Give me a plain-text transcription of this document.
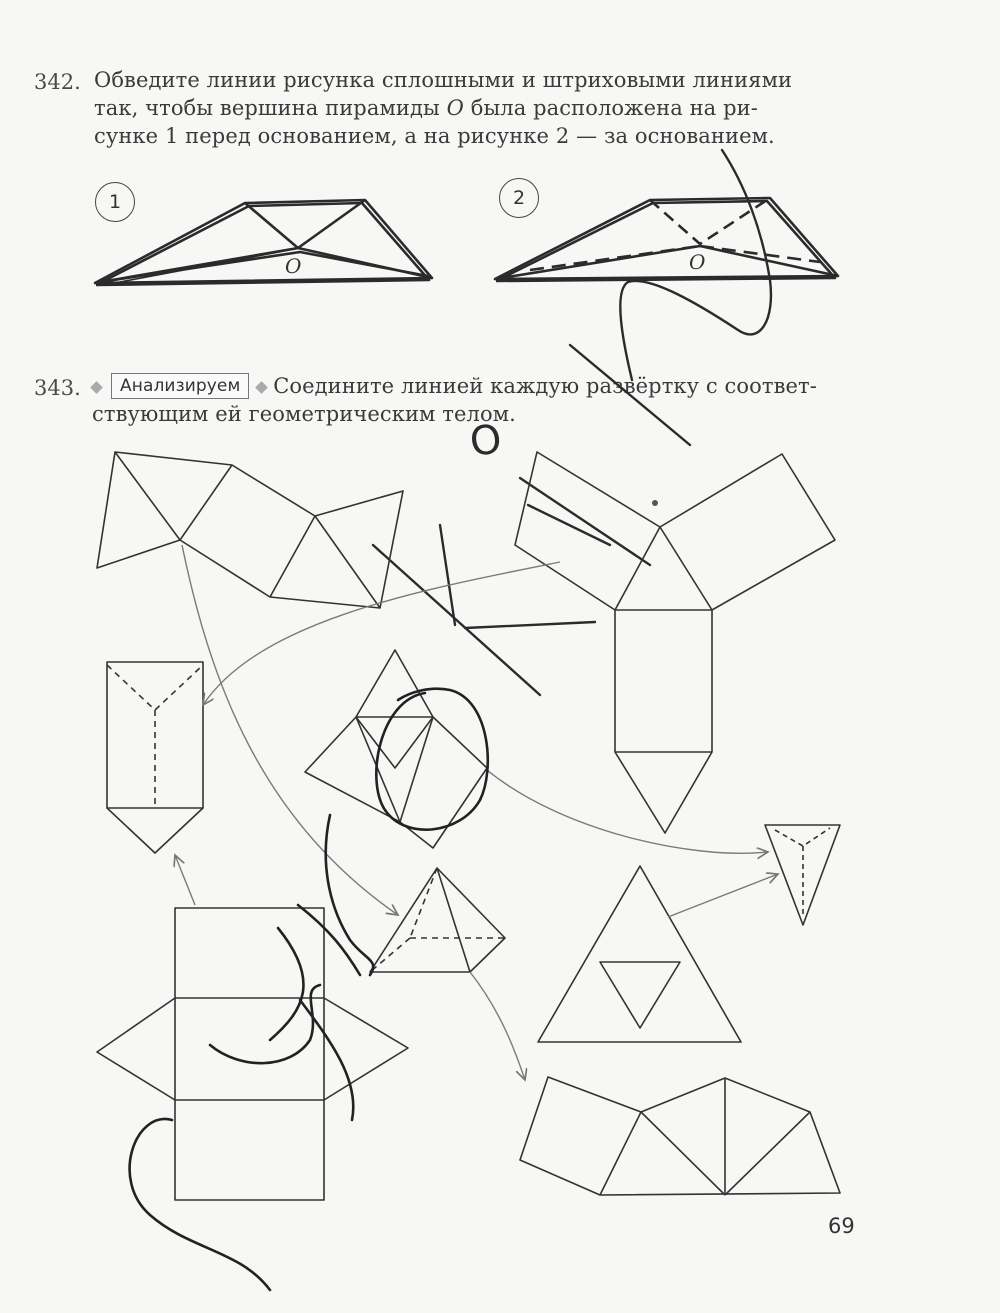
342. Обведите линии рисунка сплошными и штриховыми линиями
так, чтобы вершина пирамиды O была расположена на ри-
сунке 1 перед основанием, а на рисунке 2 — за основанием.
1	2
O	O
343.	Анализируем Соедините линией каждую развёртку с соответ-
ствующим ей геометрическим телом.
69
O
